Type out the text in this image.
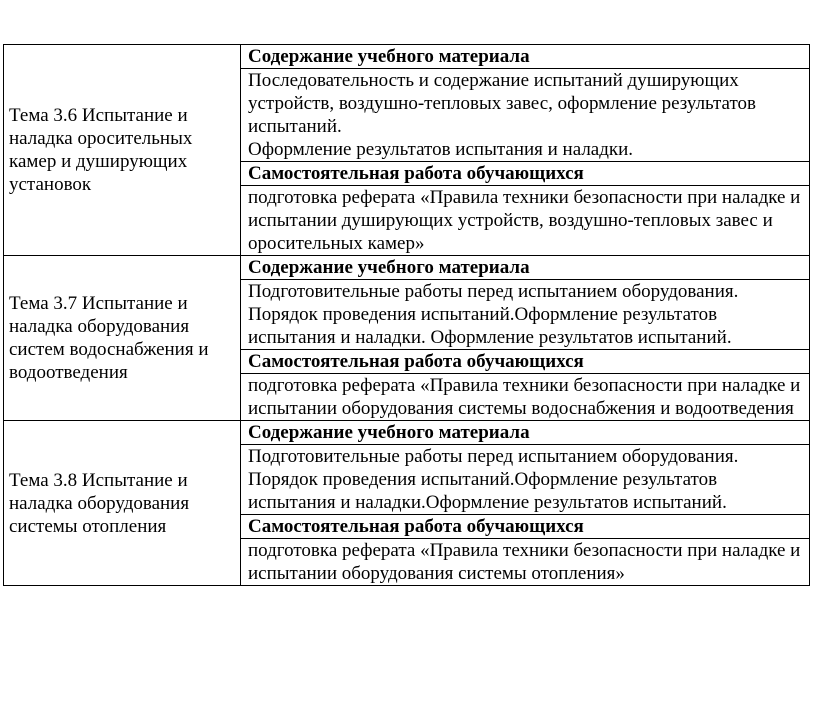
Тема 3.6 Испытание и наладка оросительных камер и душирующих установок	Содержание учебного материала

	Последовательность и содержание испытаний душирующих устройств, воздушно-тепловых завес, оформление результатов испытаний.
Оформление результатов испытания и наладки.

	Самостоятельная работа обучающихся
	подготовка реферата «Правила техники безопасности при наладке и испытании душирующих устройств, воздушно-тепловых завес и оросительных камер»
Тема 3.7 Испытание и наладка оборудования систем водоснабжения и водоотведения	Содержание учебного материала

	Подготовительные работы перед испытанием оборудования. Порядок проведения испытаний.Оформление результатов испытания и наладки. Оформление результатов испытаний.

	Самостоятельная работа обучающихся
	подготовка реферата «Правила техники безопасности при наладке и испытании оборудования системы водоснабжения и водоотведения
Тема 3.8 Испытание и наладка оборудования системы отопления	Содержание учебного материала

	Подготовительные работы перед испытанием оборудования. Порядок проведения испытаний.Оформление результатов испытания и наладки.Оформление результатов испытаний.

	Самостоятельная работа обучающихся
	подготовка реферата «Правила техники безопасности при наладке и испытании оборудования системы отопления»
